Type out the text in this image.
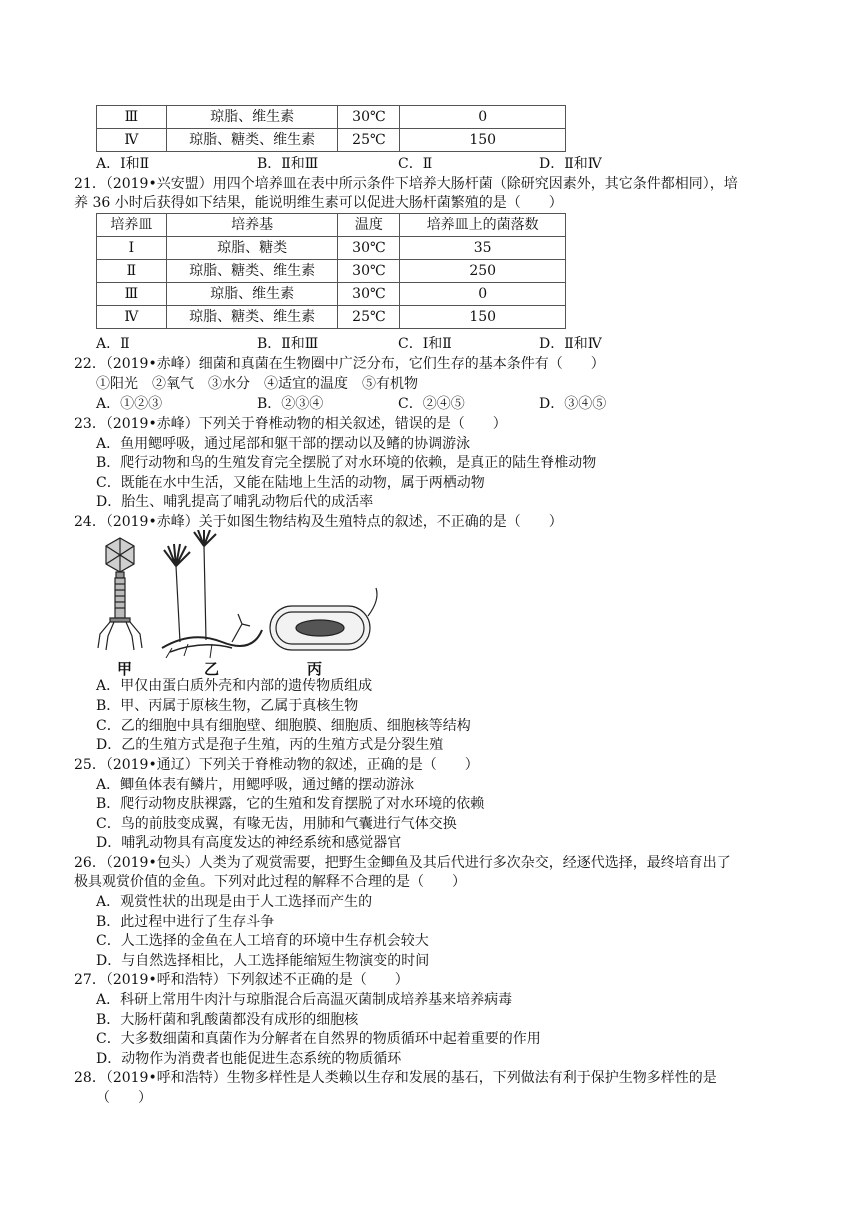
Ⅲ	琼脂、维生素	30℃	0
Ⅳ	琼脂、糖类、维生素	25℃	150
A．Ⅰ和Ⅱ	B．Ⅱ和Ⅲ	C．Ⅱ	D．Ⅱ和Ⅳ
21．（2019•兴安盟）用四个培养皿在表中所示条件下培养大肠杆菌（除研究因素外，其它条件都相同），培
养 36 小时后获得如下结果，能说明维生素可以促进大肠杆菌繁殖的是（　　）
培养皿	培养基	温度	培养皿上的菌落数
Ⅰ	琼脂、糖类	30℃	35
Ⅱ	琼脂、糖类、维生素	30℃	250
Ⅲ	琼脂、维生素	30℃	0
Ⅳ	琼脂、糖类、维生素	25℃	150
A．Ⅱ	B．Ⅱ和Ⅲ	C．Ⅰ和Ⅱ	D．Ⅱ和Ⅳ
22．（2019•赤峰）细菌和真菌在生物圈中广泛分布，它们生存的基本条件有（　　）
①阳光　②氧气　③水分　④适宜的温度　⑤有机物
A．①②③	B．②③④	C．②④⑤	D．③④⑤
23．（2019•赤峰）下列关于脊椎动物的相关叙述，错误的是（　　）
A．鱼用鳃呼吸，通过尾部和躯干部的摆动以及鳍的协调游泳
B．爬行动物和鸟的生殖发育完全摆脱了对水环境的依赖，是真正的陆生脊椎动物
C．既能在水中生活，又能在陆地上生活的动物，属于两栖动物
D．胎生、哺乳提高了哺乳动物后代的成活率
24．（2019•赤峰）关于如图生物结构及生殖特点的叙述，不正确的是（　　）
甲	乙	丙
A．甲仅由蛋白质外壳和内部的遗传物质组成
B．甲、丙属于原核生物，乙属于真核生物
C．乙的细胞中具有细胞壁、细胞膜、细胞质、细胞核等结构
D．乙的生殖方式是孢子生殖，丙的生殖方式是分裂生殖
25．（2019•通辽）下列关于脊椎动物的叙述，正确的是（　　）
A．鲫鱼体表有鳞片，用鳃呼吸，通过鳍的摆动游泳
B．爬行动物皮肤裸露，它的生殖和发育摆脱了对水环境的依赖
C．鸟的前肢变成翼，有喙无齿，用肺和气囊进行气体交换
D．哺乳动物具有高度发达的神经系统和感觉器官
26．（2019•包头）人类为了观赏需要，把野生金鲫鱼及其后代进行多次杂交，经逐代选择，最终培育出了
极具观赏价值的金鱼。下列对此过程的解释不合理的是（　　）
A．观赏性状的出现是由于人工选择而产生的
B．此过程中进行了生存斗争
C．人工选择的金鱼在人工培育的环境中生存机会较大
D．与自然选择相比，人工选择能缩短生物演变的时间
27．（2019•呼和浩特）下列叙述不正确的是（　　）
A．科研上常用牛肉汁与琼脂混合后高温灭菌制成培养基来培养病毒
B．大肠杆菌和乳酸菌都没有成形的细胞核
C．大多数细菌和真菌作为分解者在自然界的物质循环中起着重要的作用
D．动物作为消费者也能促进生态系统的物质循环
28．（2019•呼和浩特）生物多样性是人类赖以生存和发展的基石，下列做法有利于保护生物多样性的是
（　　）
